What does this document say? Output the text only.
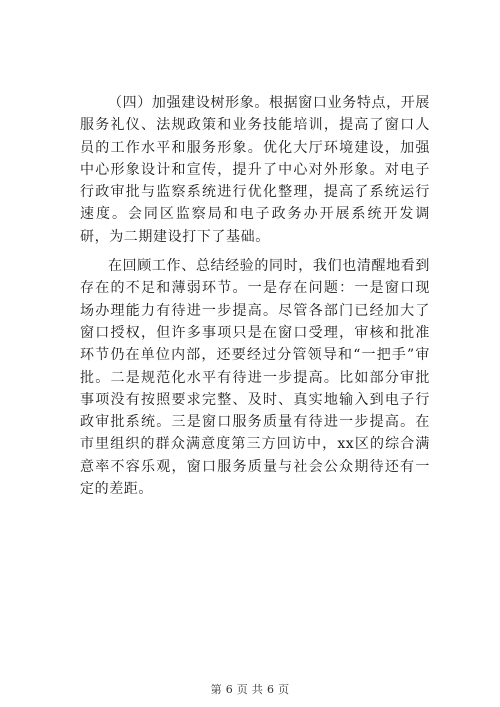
（四）加强建设树形象。根据窗口业务特点，开展服务礼仪、法规政策和业务技能培训，提高了窗口人员的工作水平和服务形象。优化大厅环境建设，加强中心形象设计和宣传，提升了中心对外形象。对电子行政审批与监察系统进行优化整理，提高了系统运行速度。会同区监察局和电子政务办开展系统开发调研，为二期建设打下了基础。

在回顾工作、总结经验的同时，我们也清醒地看到存在的不足和薄弱环节。一是存在问题：一是窗口现场办理能力有待进一步提高。尽管各部门已经加大了窗口授权，但许多事项只是在窗口受理，审核和批准环节仍在单位内部，还要经过分管领导和“一把手”审批。二是规范化水平有待进一步提高。比如部分审批事项没有按照要求完整、及时、真实地输入到电子行政审批系统。三是窗口服务质量有待进一步提高。在市里组织的群众满意度第三方回访中，xx区的综合满意率不容乐观，窗口服务质量与社会公众期待还有一定的差距。

第 6 页 共 6 页
